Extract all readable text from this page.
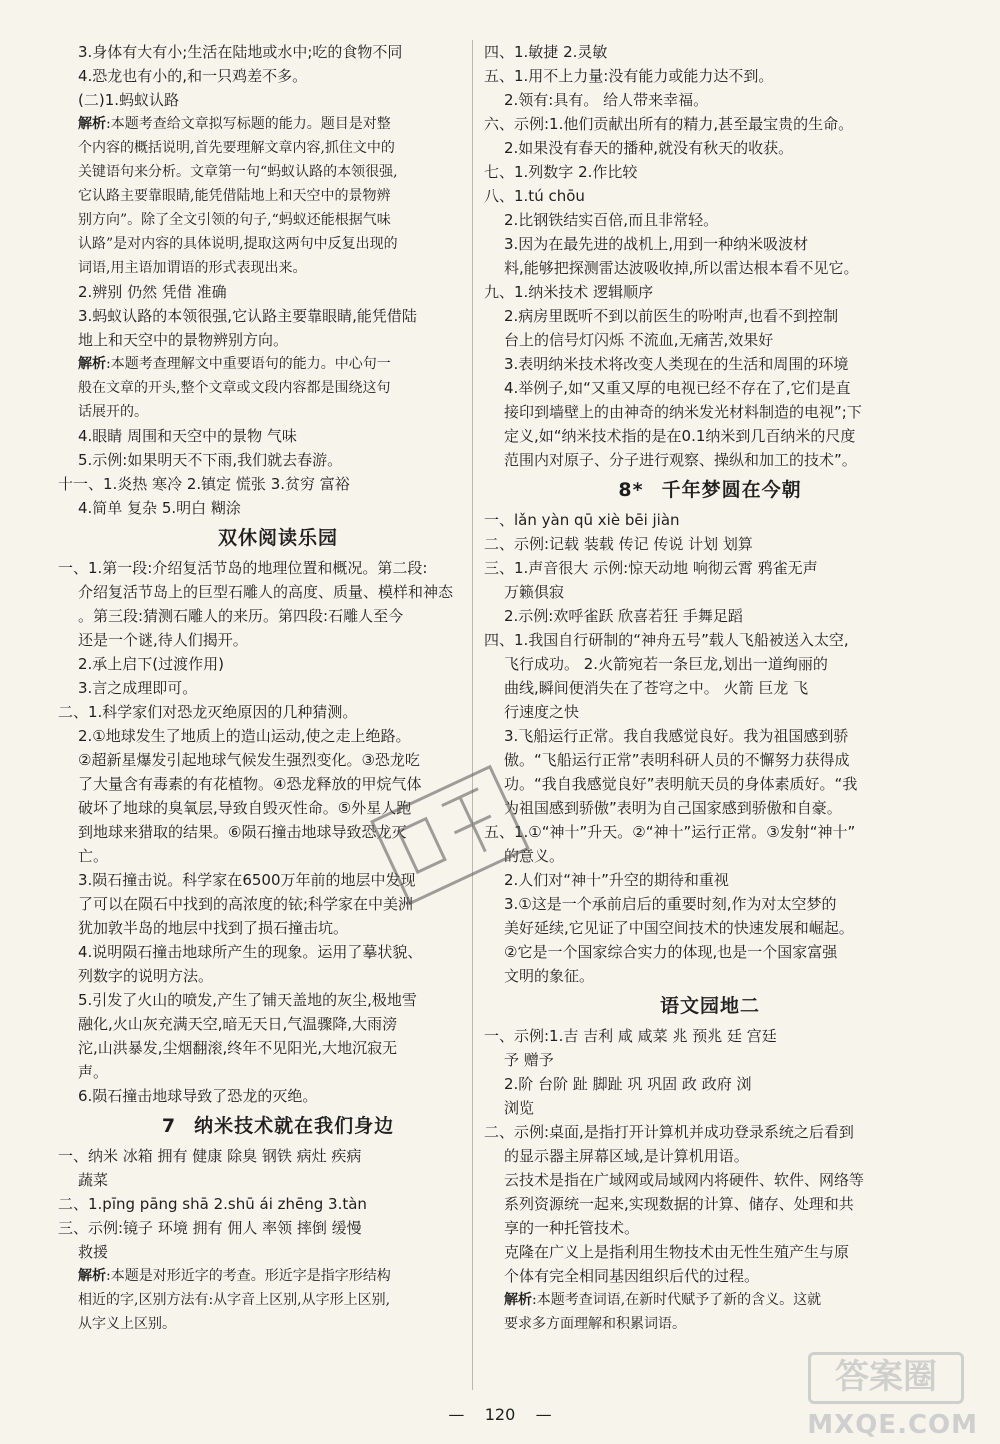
3.身体有大有小;生活在陆地或水中;吃的食物不同
4.恐龙也有小的,和一只鸡差不多。
(二)1.蚂蚁认路
解析:本题考查给文章拟写标题的能力。题目是对整
个内容的概括说明,首先要理解文章内容,抓住文中的
关键语句来分析。文章第一句“蚂蚁认路的本领很强,
它认路主要靠眼睛,能凭借陆地上和天空中的景物辨
别方向”。除了全文引领的句子,“蚂蚁还能根据气味
认路”是对内容的具体说明,提取这两句中反复出现的
词语,用主语加谓语的形式表现出来。
2.辨别 仍然 凭借 准确
3.蚂蚁认路的本领很强,它认路主要靠眼睛,能凭借陆
地上和天空中的景物辨别方向。
解析:本题考查理解文中重要语句的能力。中心句一
般在文章的开头,整个文章或文段内容都是围绕这句
话展开的。
4.眼睛 周围和天空中的景物 气味
5.示例:如果明天不下雨,我们就去春游。
十一、1.炎热 寒冷 2.镇定 慌张 3.贫穷 富裕
4.简单 复杂 5.明白 糊涂
双休阅读乐园
一、1.第一段:介绍复活节岛的地理位置和概况。第二段:
介绍复活节岛上的巨型石雕人的高度、质量、模样和神态
。第三段:猜测石雕人的来历。第四段:石雕人至今
还是一个谜,待人们揭开。
2.承上启下(过渡作用)
3.言之成理即可。
二、1.科学家们对恐龙灭绝原因的几种猜测。
2.①地球发生了地质上的造山运动,使之走上绝路。
②超新星爆发引起地球气候发生强烈变化。③恐龙吃
了大量含有毒素的有花植物。④恐龙释放的甲烷气体
破坏了地球的臭氧层,导致自毁灭性命。⑤外星人跑
到地球来猎取的结果。⑥陨石撞击地球导致恐龙灭
亡。
3.陨石撞击说。科学家在6500万年前的地层中发现
了可以在陨石中找到的高浓度的铱;科学家在中美洲
犹加敦半岛的地层中找到了损石撞击坑。
4.说明陨石撞击地球所产生的现象。运用了摹状貌、
列数字的说明方法。
5.引发了火山的喷发,产生了铺天盖地的灰尘,极地雪
融化,火山灰充满天空,暗无天日,气温骤降,大雨滂
沱,山洪暴发,尘烟翻滚,终年不见阳光,大地沉寂无
声。
6.陨石撞击地球导致了恐龙的灭绝。
7 纳米技术就在我们身边
一、纳米 冰箱 拥有 健康 除臭 钢铁 病灶 疾病
蔬菜
二、1.pīng pāng shā 2.shū ái zhēng 3.tàn
三、示例:镜子 环境 拥有 佣人 率领 摔倒 缓慢
救援
解析:本题是对形近字的考查。形近字是指字形结构
相近的字,区别方法有:从字音上区别,从字形上区别,
从字义上区别。
四、1.敏捷 2.灵敏
五、1.用不上力量:没有能力或能力达不到。
2.领有:具有。 给人带来幸福。
六、示例:1.他们贡献出所有的精力,甚至最宝贵的生命。
2.如果没有春天的播种,就没有秋天的收获。
七、1.列数字 2.作比较
八、1.tú chōu
2.比钢铁结实百倍,而且非常轻。
3.因为在最先进的战机上,用到一种纳米吸波材
料,能够把探测雷达波吸收掉,所以雷达根本看不见它。
九、1.纳米技术 逻辑顺序
2.病房里既听不到以前医生的吩咐声,也看不到控制
台上的信号灯闪烁 不流血,无痛苦,效果好
3.表明纳米技术将改变人类现在的生活和周围的环境
4.举例子,如“又重又厚的电视已经不存在了,它们是直
接印到墙壁上的由神奇的纳米发光材料制造的电视”;下
定义,如“纳米技术指的是在0.1纳米到几百纳米的尺度
范围内对原子、分子进行观察、操纵和加工的技术”。
8* 千年梦圆在今朝
一、lǎn yàn qū xiè bēi jiàn
二、示例:记载 装载 传记 传说 计划 划算
三、1.声音很大 示例:惊天动地 响彻云霄 鸦雀无声
万籁俱寂
2.示例:欢呼雀跃 欣喜若狂 手舞足蹈
四、1.我国自行研制的“神舟五号”载人飞船被送入太空,
飞行成功。 2.火箭宛若一条巨龙,划出一道绚丽的
曲线,瞬间便消失在了苍穹之中。 火箭 巨龙 飞
行速度之快
3.飞船运行正常。我自我感觉良好。我为祖国感到骄
傲。“飞船运行正常”表明科研人员的不懈努力获得成
功。“我自我感觉良好”表明航天员的身体素质好。“我
为祖国感到骄傲”表明为自己国家感到骄傲和自豪。
五、1.①“神十”升天。②“神十”运行正常。③发射“神十”
的意义。
2.人们对“神十”升空的期待和重视
3.①这是一个承前启后的重要时刻,作为对太空梦的
美好延续,它见证了中国空间技术的快速发展和崛起。
②它是一个国家综合实力的体现,也是一个国家富强
文明的象征。
语文园地二
一、示例:1.吉 吉利 咸 咸菜 兆 预兆 廷 宫廷
予 赠予
2.阶 台阶 趾 脚趾 巩 巩固 政 政府 浏
浏览
二、示例:桌面,是指打开计算机并成功登录系统之后看到
的显示器主屏幕区域,是计算机用语。
云技术是指在广域网或局域网内将硬件、软件、网络等
系列资源统一起来,实现数据的计算、储存、处理和共
享的一种托管技术。
克隆在广义上是指利用生物技术由无性生殖产生与原
个体有完全相同基因组织后代的过程。
解析:本题考查词语,在新时代赋予了新的含义。这就
要求多方面理解和积累词语。
— 120 —
答案圈
MXQE.COM
